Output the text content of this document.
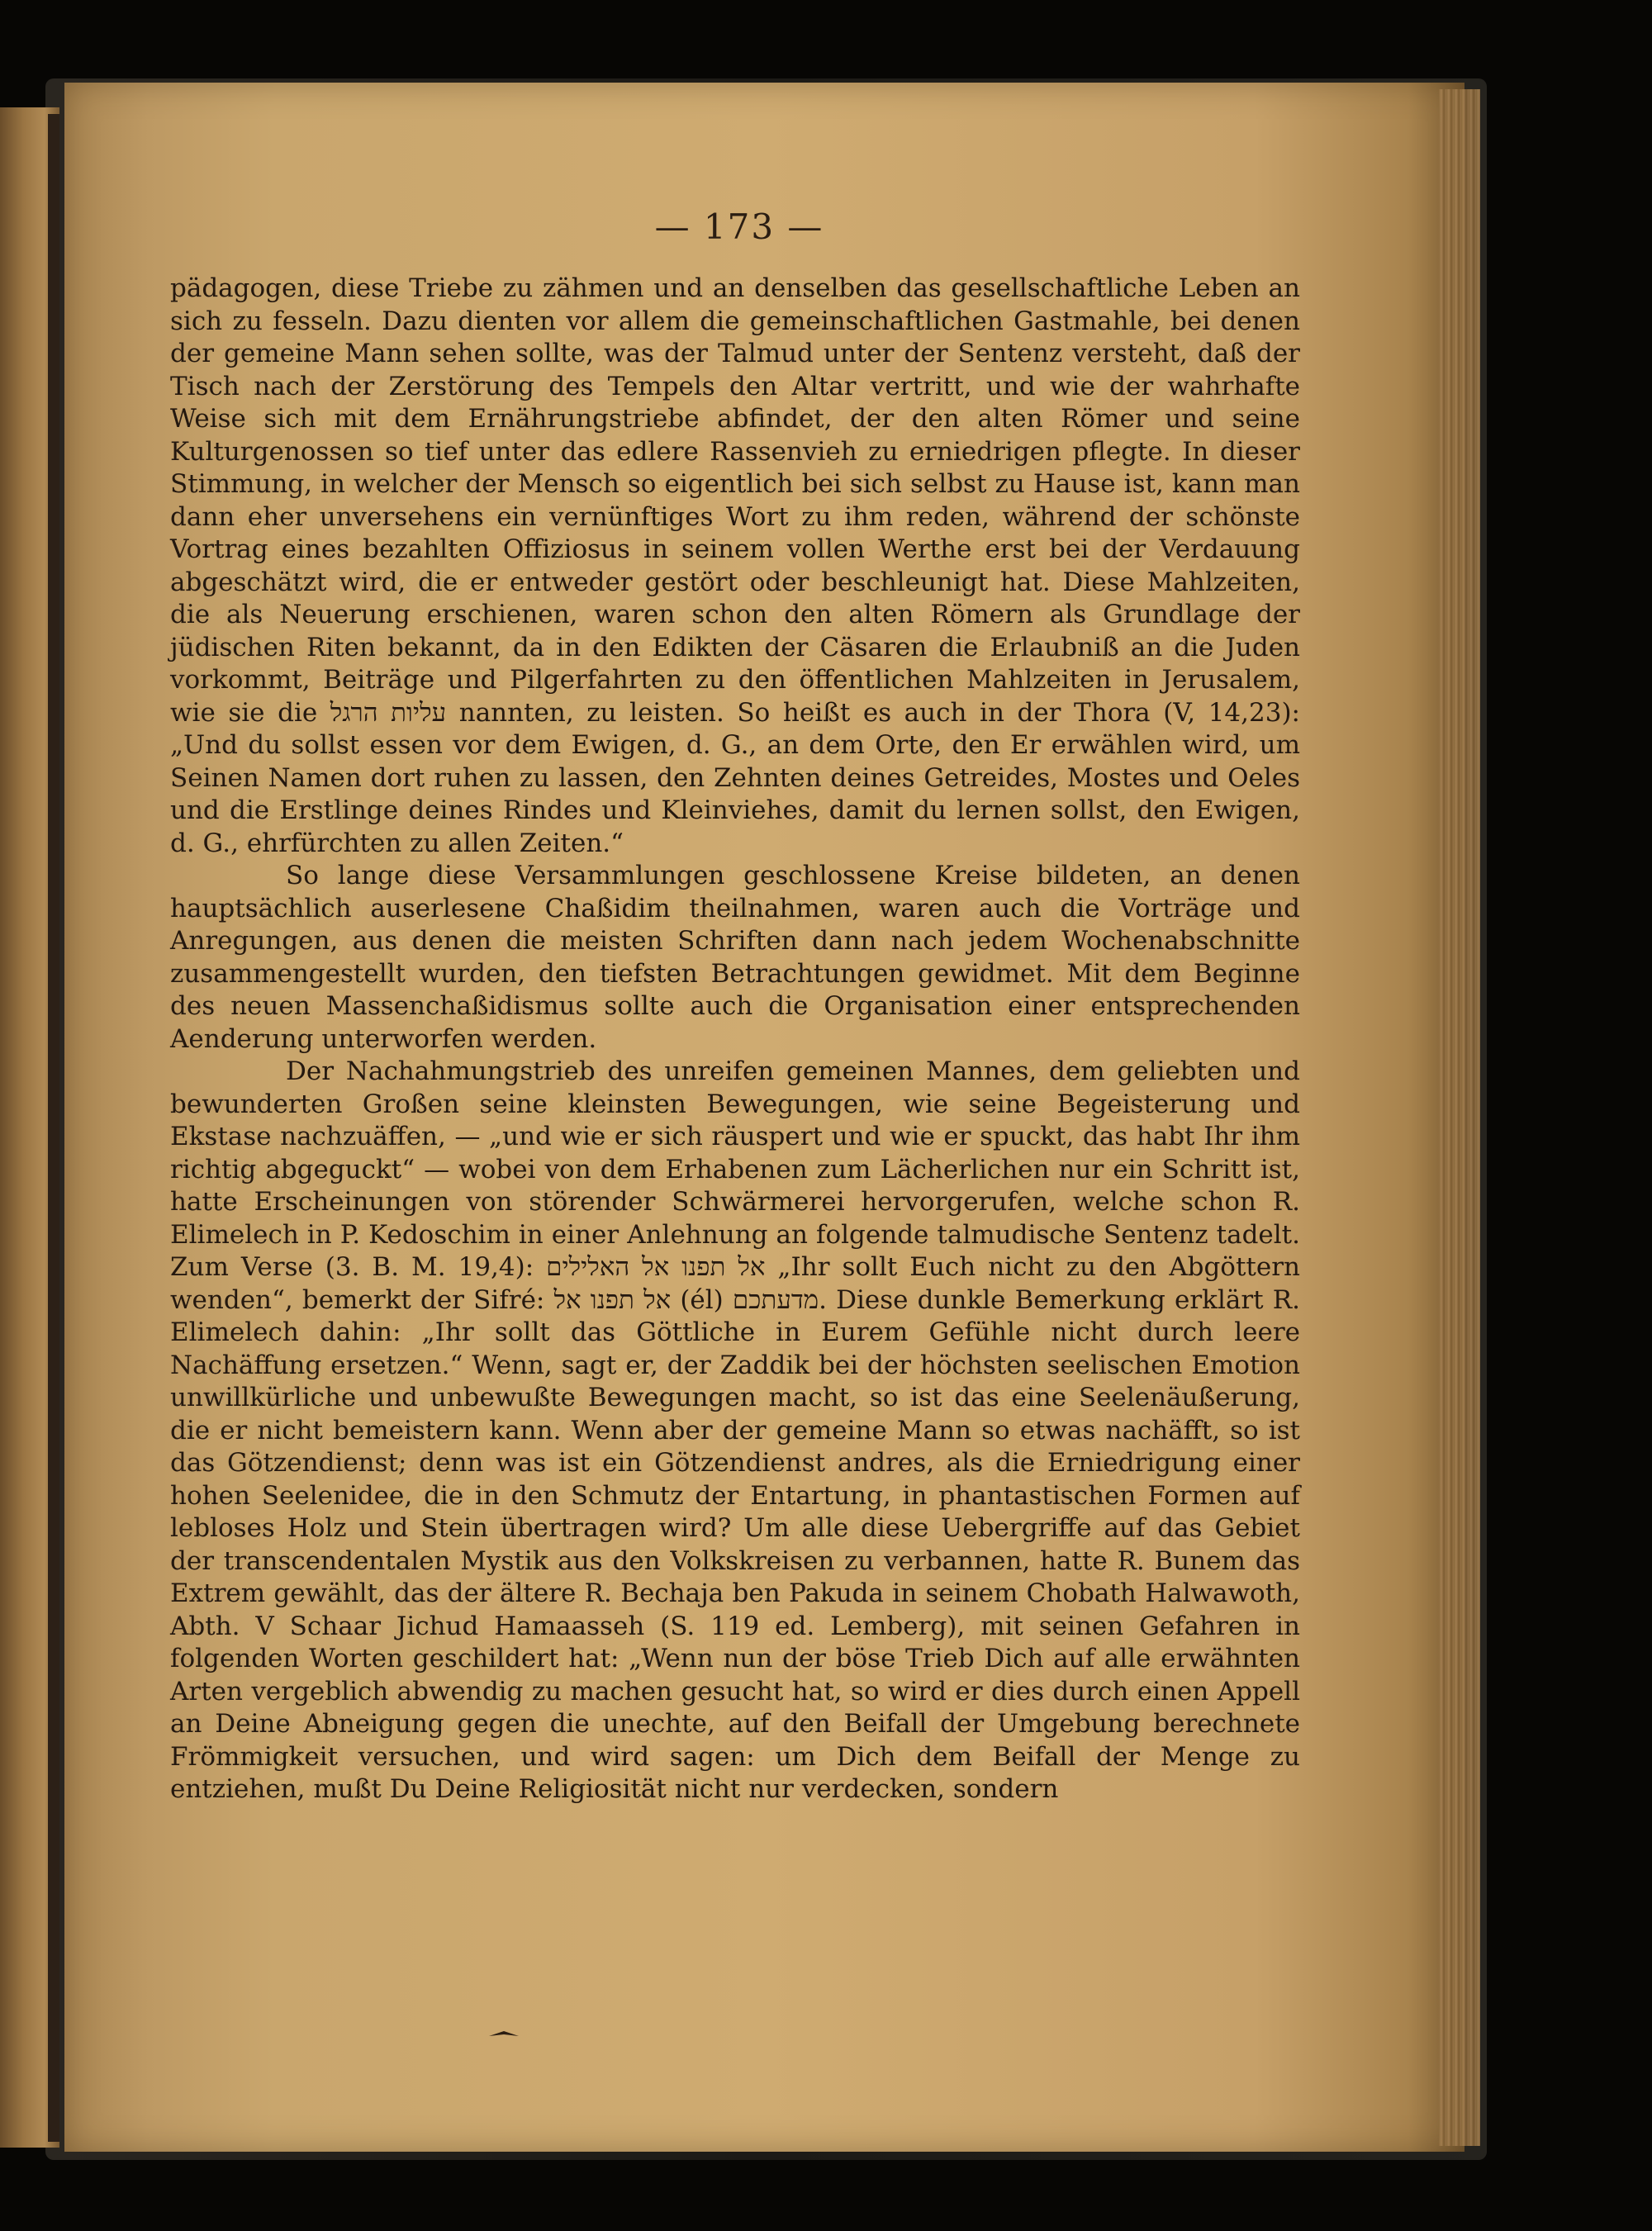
— 173 —

pädagogen, diese Triebe zu zähmen und an denselben das gesellschaftliche Leben an sich zu fesseln. Dazu dienten vor allem die gemeinschaftlichen Gastmahle, bei denen der gemeine Mann sehen sollte, was der Talmud unter der Sentenz versteht, daß der Tisch nach der Zerstörung des Tempels den Altar vertritt, und wie der wahrhafte Weise sich mit dem Ernährungstriebe abfindet, der den alten Römer und seine Kulturgenossen so tief unter das edlere Rassenvieh zu erniedrigen pflegte. In dieser Stimmung, in welcher der Mensch so eigentlich bei sich selbst zu Hause ist, kann man dann eher unversehens ein vernünftiges Wort zu ihm reden, während der schönste Vortrag eines bezahlten Offiziosus in seinem vollen Werthe erst bei der Verdauung abgeschätzt wird, die er entweder gestört oder beschleunigt hat. Diese Mahlzeiten, die als Neuerung erschienen, waren schon den alten Römern als Grundlage der jüdischen Riten bekannt, da in den Edikten der Cäsaren die Erlaubniß an die Juden vorkommt, Beiträge und Pilgerfahrten zu den öffentlichen Mahlzeiten in Jerusalem, wie sie die עליות הרגל nannten, zu leisten. So heißt es auch in der Thora (V, 14,23): „Und du sollst essen vor dem Ewigen, d. G., an dem Orte, den Er erwählen wird, um Seinen Namen dort ruhen zu lassen, den Zehnten deines Getreides, Mostes und Oeles und die Erstlinge deines Rindes und Kleinviehes, damit du lernen sollst, den Ewigen, d. G., ehrfürchten zu allen Zeiten.“

So lange diese Versammlungen geschlossene Kreise bildeten, an denen hauptsächlich auserlesene Chaßidim theilnahmen, waren auch die Vorträge und Anregungen, aus denen die meisten Schriften dann nach jedem Wochenabschnitte zusammengestellt wurden, den tiefsten Betrachtungen gewidmet. Mit dem Beginne des neuen Massenchaßidismus sollte auch die Organisation einer entsprechenden Aenderung unterworfen werden.

Der Nachahmungstrieb des unreifen gemeinen Mannes, dem geliebten und bewunderten Großen seine kleinsten Bewegungen, wie seine Begeisterung und Ekstase nachzuäffen, — „und wie er sich räuspert und wie er spuckt, das habt Ihr ihm richtig abgeguckt“ — wobei von dem Erhabenen zum Lächerlichen nur ein Schritt ist, hatte Erscheinungen von störender Schwärmerei hervorgerufen, welche schon R. Elimelech in P. Kedoschim in einer Anlehnung an folgende talmudische Sentenz tadelt. Zum Verse (3. B. M. 19,4): אל תפנו אל האלילים „Ihr sollt Euch nicht zu den Abgöttern wenden“, bemerkt der Sifré: אל תפנו אל (él) מדעתכם. Diese dunkle Bemerkung erklärt R. Elimelech dahin: „Ihr sollt das Göttliche in Eurem Gefühle nicht durch leere Nachäffung ersetzen.“ Wenn, sagt er, der Zaddik bei der höchsten seelischen Emotion unwillkürliche und unbewußte Bewegungen macht, so ist das eine Seelenäußerung, die er nicht bemeistern kann. Wenn aber der gemeine Mann so etwas nachäfft, so ist das Götzendienst; denn was ist ein Götzendienst andres, als die Erniedrigung einer hohen Seelenidee, die in den Schmutz der Entartung, in phantastischen Formen auf lebloses Holz und Stein übertragen wird? Um alle diese Uebergriffe auf das Gebiet der transcendentalen Mystik aus den Volkskreisen zu verbannen, hatte R. Bunem das Extrem gewählt, das der ältere R. Bechaja ben Pakuda in seinem Chobath Halwawoth, Abth. V Schaar Jichud Hamaasseh (S. 119 ed. Lemberg), mit seinen Gefahren in folgenden Worten geschildert hat: „Wenn nun der böse Trieb Dich auf alle erwähnten Arten vergeblich abwendig zu machen gesucht hat, so wird er dies durch einen Appell an Deine Abneigung gegen die unechte, auf den Beifall der Umgebung berechnete Frömmigkeit versuchen, und wird sagen: um Dich dem Beifall der Menge zu entziehen, mußt Du Deine Religiosität nicht nur verdecken, sondern
